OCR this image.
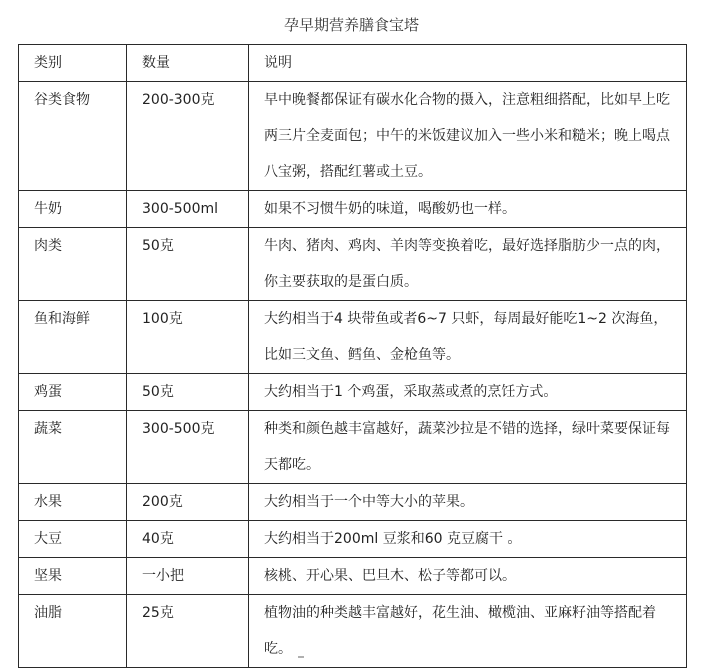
孕早期营养膳食宝塔
类别	数量	说明
谷类食物	200-300克	早中晚餐都保证有碳水化合物的摄入，注意粗细搭配，比如早上吃两三片全麦面包；中午的米饭建议加入一些小米和糙米；晚上喝点八宝粥，搭配红薯或土豆。
牛奶	300-500ml	如果不习惯牛奶的味道，喝酸奶也一样。
肉类	50克	牛肉、猪肉、鸡肉、羊肉等变换着吃，最好选择脂肪少一点的肉，你主要获取的是蛋白质。
鱼和海鲜	100克	大约相当于4 块带鱼或者6~7 只虾，每周最好能吃1~2 次海鱼，比如三文鱼、鳕鱼、金枪鱼等。
鸡蛋	50克	大约相当于1 个鸡蛋，采取蒸或煮的烹饪方式。
蔬菜	300-500克	种类和颜色越丰富越好，蔬菜沙拉是不错的选择，绿叶菜要保证每天都吃。
水果	200克	大约相当于一个中等大小的苹果。
大豆	40克	大约相当于200ml 豆浆和60 克豆腐干 。
坚果	一小把	核桃、开心果、巴旦木、松子等都可以。
油脂	25克	植物油的种类越丰富越好，花生油、橄榄油、亚麻籽油等搭配着吃。
